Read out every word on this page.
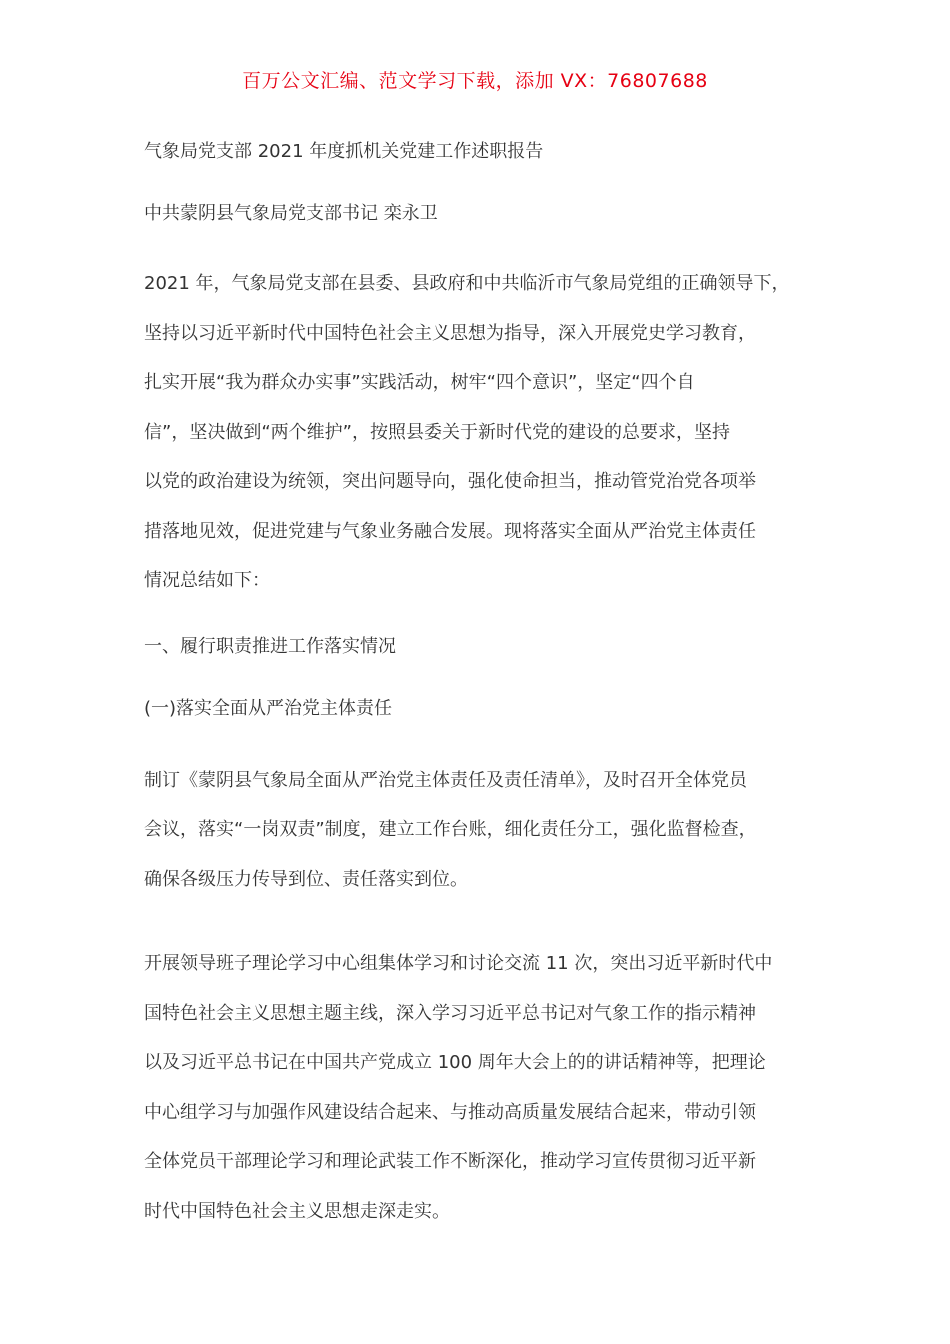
百万公文汇编、范文学习下载，添加 VX：76807688

气象局党支部 2021 年度抓机关党建工作述职报告

中共蒙阴县气象局党支部书记 栾永卫

2021 年，气象局党支部在县委、县政府和中共临沂市气象局党组的正确领导下，
坚持以习近平新时代中国特色社会主义思想为指导，深入开展党史学习教育，
扎实开展“我为群众办实事”实践活动，树牢“四个意识”，坚定“四个自
信”，坚决做到“两个维护”，按照县委关于新时代党的建设的总要求，坚持
以党的政治建设为统领，突出问题导向，强化使命担当，推动管党治党各项举
措落地见效，促进党建与气象业务融合发展。现将落实全面从严治党主体责任
情况总结如下：

一、履行职责推进工作落实情况

(一)落实全面从严治党主体责任

制订《蒙阴县气象局全面从严治党主体责任及责任清单》，及时召开全体党员
会议，落实“一岗双责”制度，建立工作台账，细化责任分工，强化监督检查，
确保各级压力传导到位、责任落实到位。
开展领导班子理论学习中心组集体学习和讨论交流 11 次，突出习近平新时代中
国特色社会主义思想主题主线，深入学习习近平总书记对气象工作的指示精神
以及习近平总书记在中国共产党成立 100 周年大会上的的讲话精神等，把理论
中心组学习与加强作风建设结合起来、与推动高质量发展结合起来，带动引领
全体党员干部理论学习和理论武装工作不断深化，推动学习宣传贯彻习近平新
时代中国特色社会主义思想走深走实。
